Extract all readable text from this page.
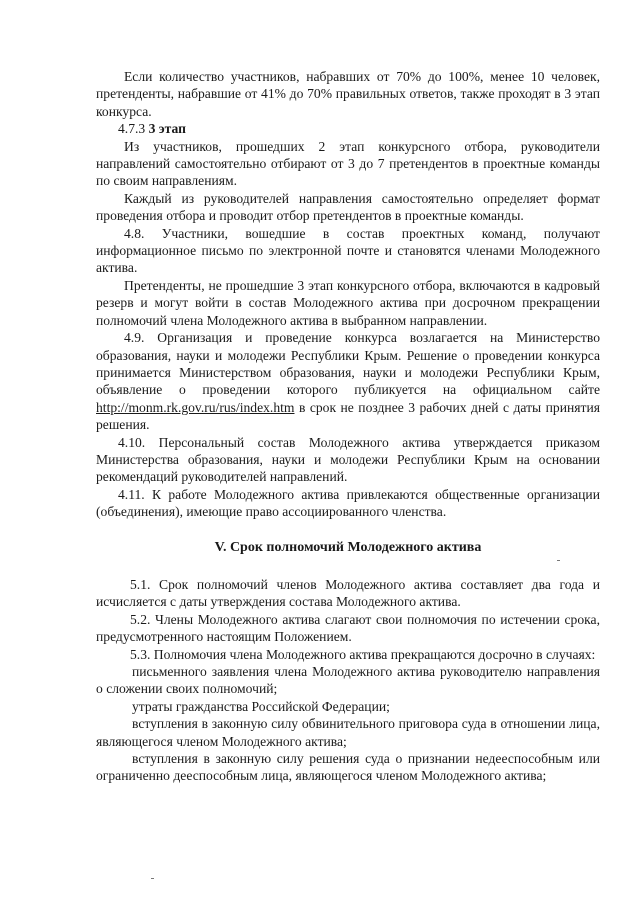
Если количество участников, набравших от 70% до 100%, менее 10 человек, претенденты, набравшие от 41% до 70% правильных ответов, также проходят в 3 этап конкурса.

4.7.3 3 этап

Из участников, прошедших 2 этап конкурсного отбора, руководители направлений самостоятельно отбирают от 3 до 7 претендентов в проектные команды по своим направлениям.

Каждый из руководителей направления самостоятельно определяет формат проведения отбора и проводит отбор претендентов в проектные команды.

4.8. Участники, вошедшие в состав проектных команд, получают информационное письмо по электронной почте и становятся членами Молодежного актива.

Претенденты, не прошедшие 3 этап конкурсного отбора, включаются в кадровый резерв и могут войти в состав Молодежного актива при досрочном прекращении полномочий члена Молодежного актива в выбранном направлении.

4.9. Организация и проведение конкурса возлагается на Министерство образования, науки и молодежи Республики Крым. Решение о проведении конкурса принимается Министерством образования, науки и молодежи Республики Крым, объявление о проведении которого публикуется на официальном сайте http://monm.rk.gov.ru/rus/index.htm в срок не позднее 3 рабочих дней с даты принятия решения.

4.10. Персональный состав Молодежного актива утверждается приказом Министерства образования, науки и молодежи Республики Крым на основании рекомендаций руководителей направлений.

4.11. К работе Молодежного актива привлекаются общественные организации (объединения), имеющие право ассоциированного членства.

V. Срок полномочий Молодежного актива

5.1. Срок полномочий членов Молодежного актива составляет два года и исчисляется с даты утверждения состава Молодежного актива.

5.2. Члены Молодежного актива слагают свои полномочия по истечении срока, предусмотренного настоящим Положением.

5.3. Полномочия члена Молодежного актива прекращаются досрочно в случаях:

письменного заявления члена Молодежного актива руководителю направления о сложении своих полномочий;

утраты гражданства Российской Федерации;

вступления в законную силу обвинительного приговора суда в отношении лица, являющегося членом Молодежного актива;

вступления в законную силу решения суда о признании недееспособным или ограниченно дееспособным лица, являющегося членом Молодежного актива;
